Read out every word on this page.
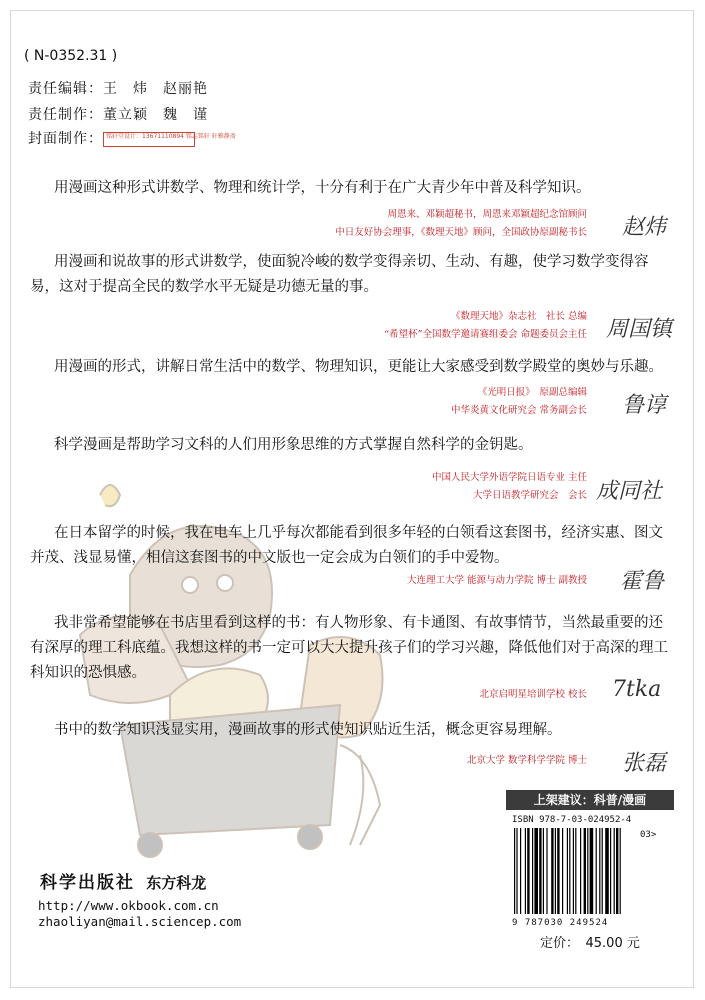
( N-0352.31 )
责任编辑：王　炜　赵丽艳
责任制作：董立颖　魏　谨
封面制作： 铭轩堂设计：13671110894 铭志铭轩 轩雅静斋
用漫画这种形式讲数学、物理和统计学，十分有利于在广大青少年中普及科学知识。
周恩来、邓颖超秘书，周恩来邓颖超纪念馆顾问
中日友好协会理事，《数理天地》顾问，全国政协原副秘书长 赵炜
用漫画和说故事的形式讲数学，使面貌冷峻的数学变得亲切、生动、有趣，使学习数学变得容易，这对于提高全民的数学水平无疑是功德无量的事。
《数理天地》杂志社　社长 总编
“希望杯”全国数学邀请赛组委会 命题委员会主任 周国镇
用漫画的形式，讲解日常生活中的数学、物理知识，更能让大家感受到数学殿堂的奥妙与乐趣。
《光明日报》　原副总编辑
中华炎黄文化研究会 常务副会长 鲁谆
科学漫画是帮助学习文科的人们用形象思维的方式掌握自然科学的金钥匙。
中国人民大学外语学院日语专业 主任
大学日语教学研究会　会长 成同社
在日本留学的时候，我在电车上几乎每次都能看到很多年轻的白领看这套图书，经济实惠、图文并茂、浅显易懂，相信这套图书的中文版也一定会成为白领们的手中爱物。
大连理工大学 能源与动力学院 博士 副教授 霍鲁
我非常希望能够在书店里看到这样的书：有人物形象、有卡通图、有故事情节，当然最重要的还有深厚的理工科底蕴。我想这样的书一定可以大大提升孩子们的学习兴趣，降低他们对于高深的理工科知识的恐惧感。
北京启明星培训学校 校长 7tka
书中的数学知识浅显实用，漫画故事的形式使知识贴近生活，概念更容易理解。
北京大学 数学科学学院 博士 张磊
科学出版社 东方科龙
http://www.okbook.com.cn
zhaoliyan@mail.sciencep.com
上架建议：科普/漫画
ISBN 978-7-03-024952-4
03>
9 787030 249524
定价：　45.00 元
